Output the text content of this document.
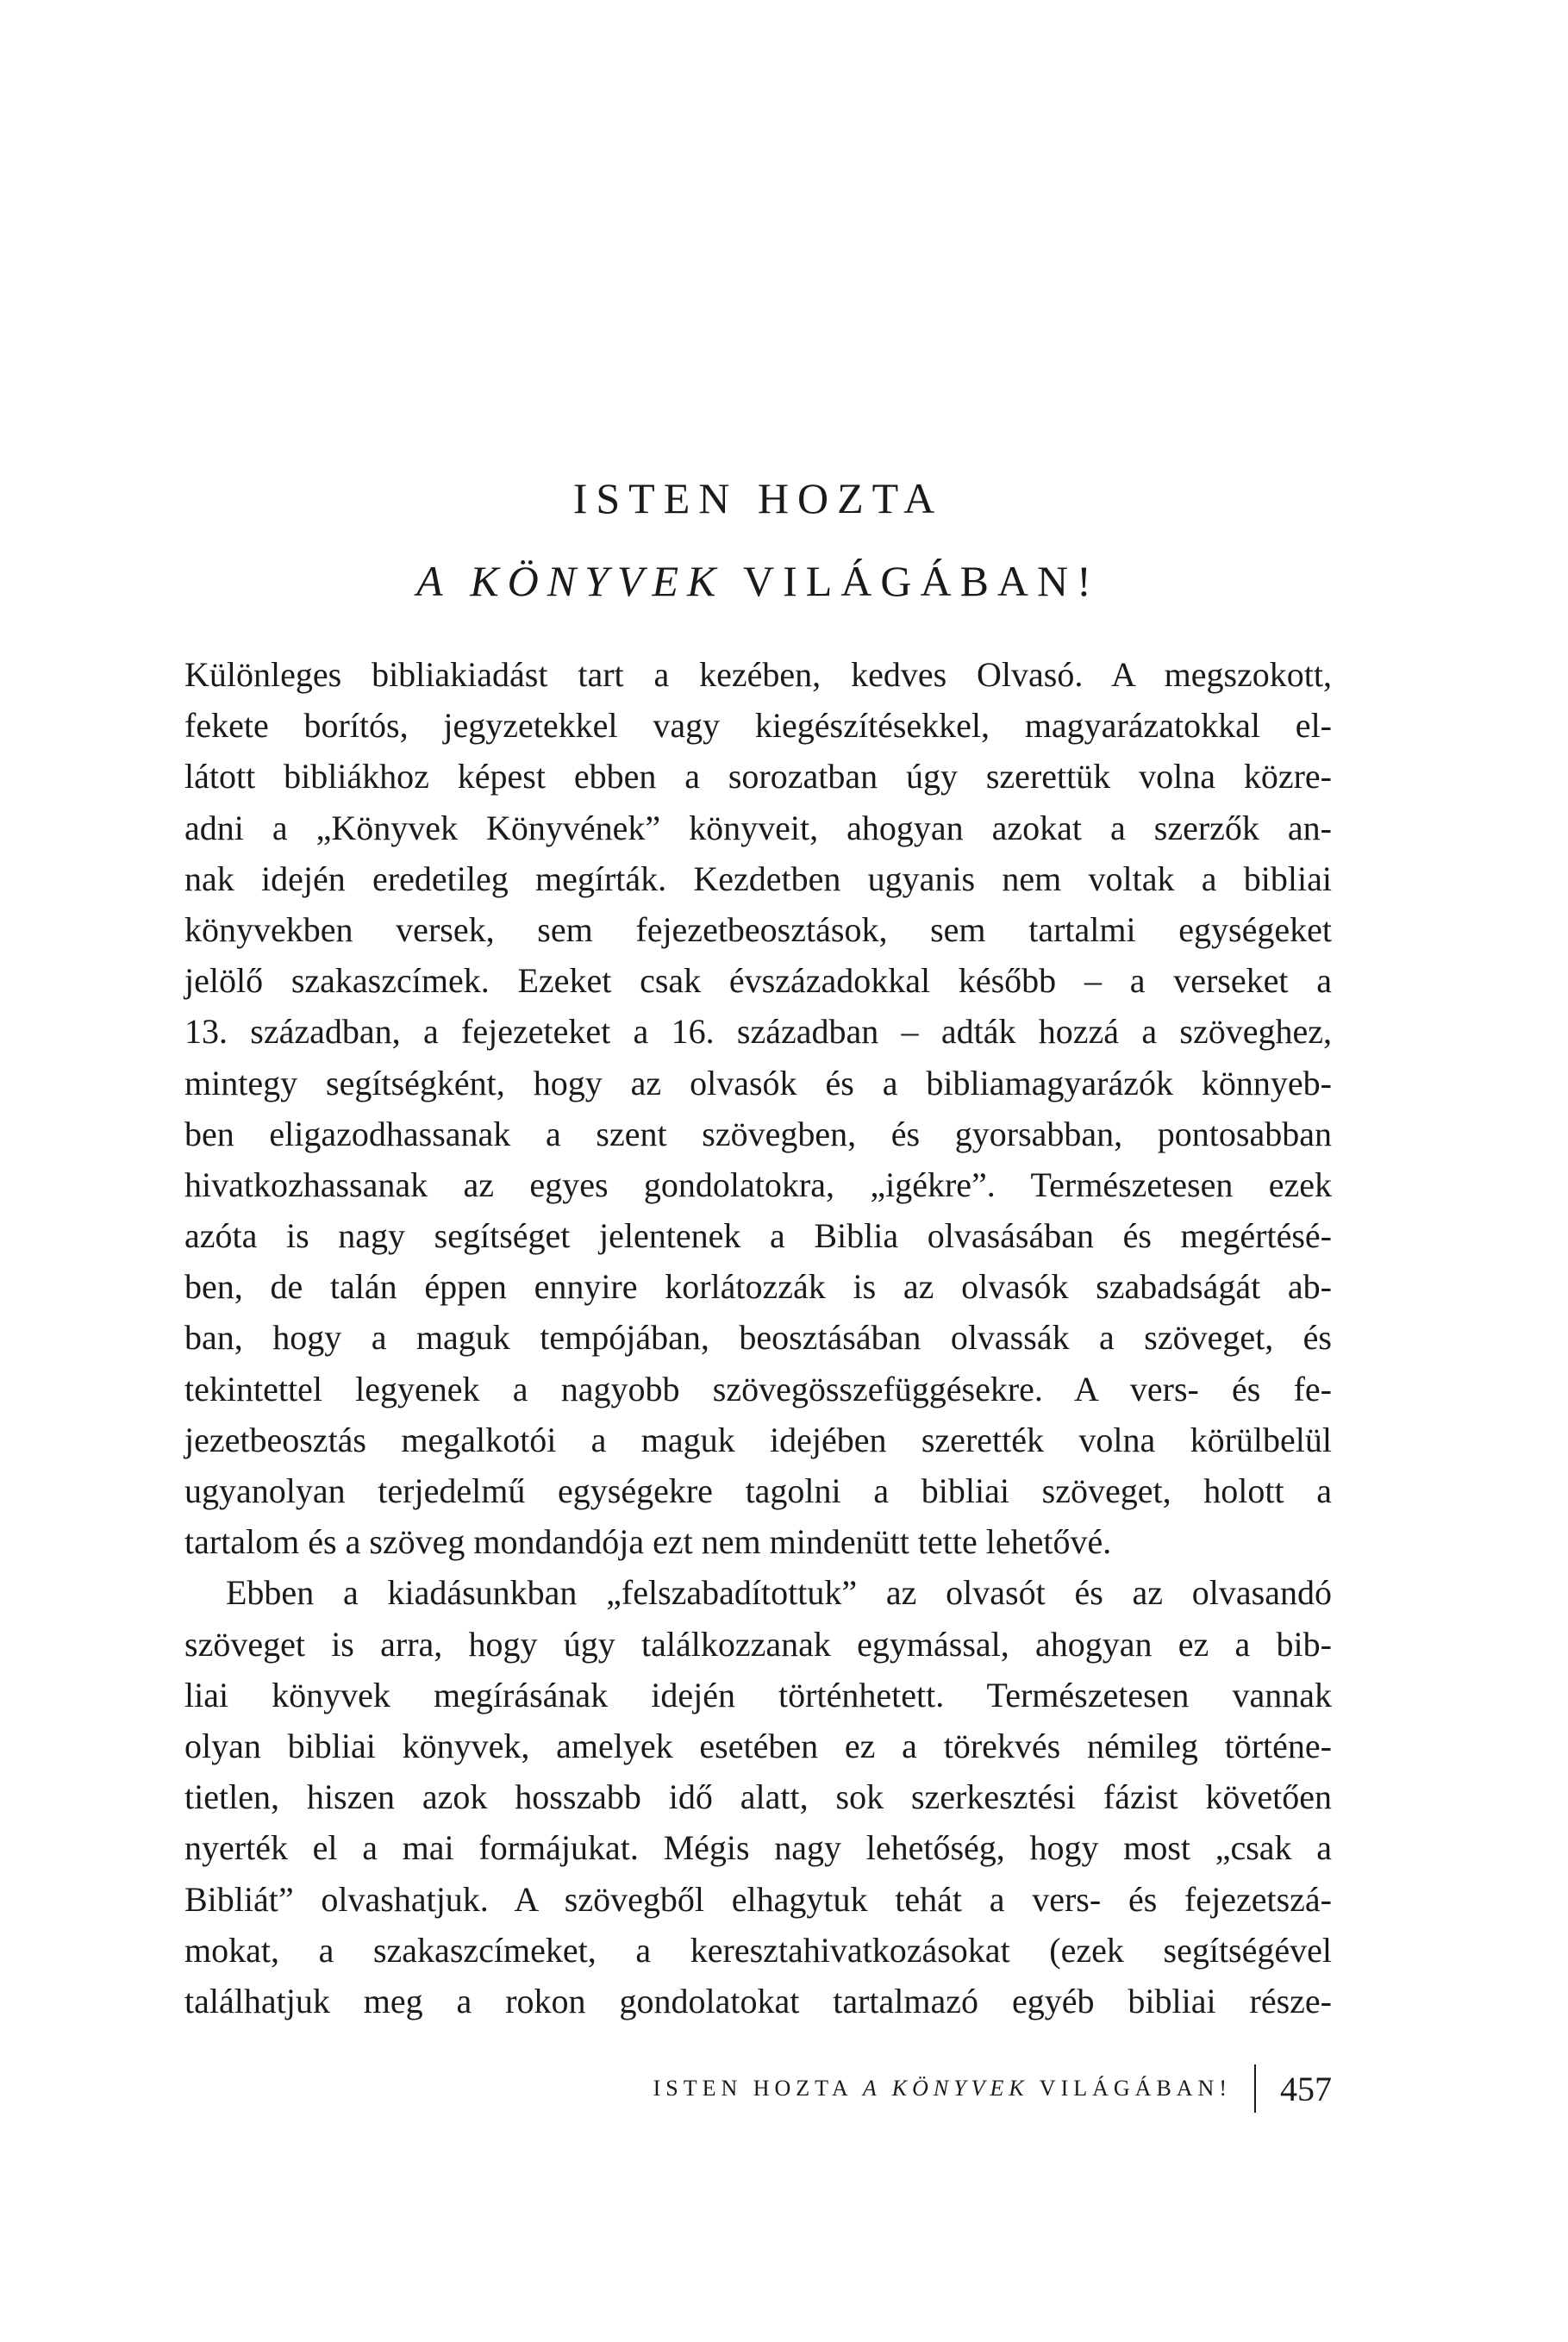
ISTEN HOZTA

A KÖNYVEK VILÁGÁBAN!

Különleges bibliakiadást tart a kezében, kedves Olvasó. A megszokott,
fekete borítós, jegyzetekkel vagy kiegészítésekkel, magyarázatokkal el-
látott bibliákhoz képest ebben a sorozatban úgy szerettük volna közre-
adni a „Könyvek Könyvének” könyveit, ahogyan azokat a szerzők an-
nak idején eredetileg megírták. Kezdetben ugyanis nem voltak a bibliai
könyvekben versek, sem fejezetbeosztások, sem tartalmi egységeket
jelölő szakaszcímek. Ezeket csak évszázadokkal később – a verseket a
13. században, a fejezeteket a 16. században – adták hozzá a szöveghez,
mintegy segítségként, hogy az olvasók és a bibliamagyarázók könnyeb-
ben eligazodhassanak a szent szövegben, és gyorsabban, pontosabban
hivatkozhassanak az egyes gondolatokra, „igékre”. Természetesen ezek
azóta is nagy segítséget jelentenek a Biblia olvasásában és megértésé-
ben, de talán éppen ennyire korlátozzák is az olvasók szabadságát ab-
ban, hogy a maguk tempójában, beosztásában olvassák a szöveget, és
tekintettel legyenek a nagyobb szövegösszefüggésekre. A vers- és fe-
jezetbeosztás megalkotói a maguk idejében szerették volna körülbelül
ugyanolyan terjedelmű egységekre tagolni a bibliai szöveget, holott a
tartalom és a szöveg mondandója ezt nem mindenütt tette lehetővé.
Ebben a kiadásunkban „felszabadítottuk” az olvasót és az olvasandó
szöveget is arra, hogy úgy találkozzanak egymással, ahogyan ez a bib-
liai könyvek megírásának idején történhetett. Természetesen vannak
olyan bibliai könyvek, amelyek esetében ez a törekvés némileg történe-
tietlen, hiszen azok hosszabb idő alatt, sok szerkesztési fázist követően
nyerték el a mai formájukat. Mégis nagy lehetőség, hogy most „csak a
Bibliát” olvashatjuk. A szövegből elhagytuk tehát a vers- és fejezetszá-
mokat, a szakaszcímeket, a keresztahivatkozásokat (ezek segítségével
találhatjuk meg a rokon gondolatokat tartalmazó egyéb bibliai része-
ISTEN HOZTA A KÖNYVEK VILÁGÁBAN! 457
